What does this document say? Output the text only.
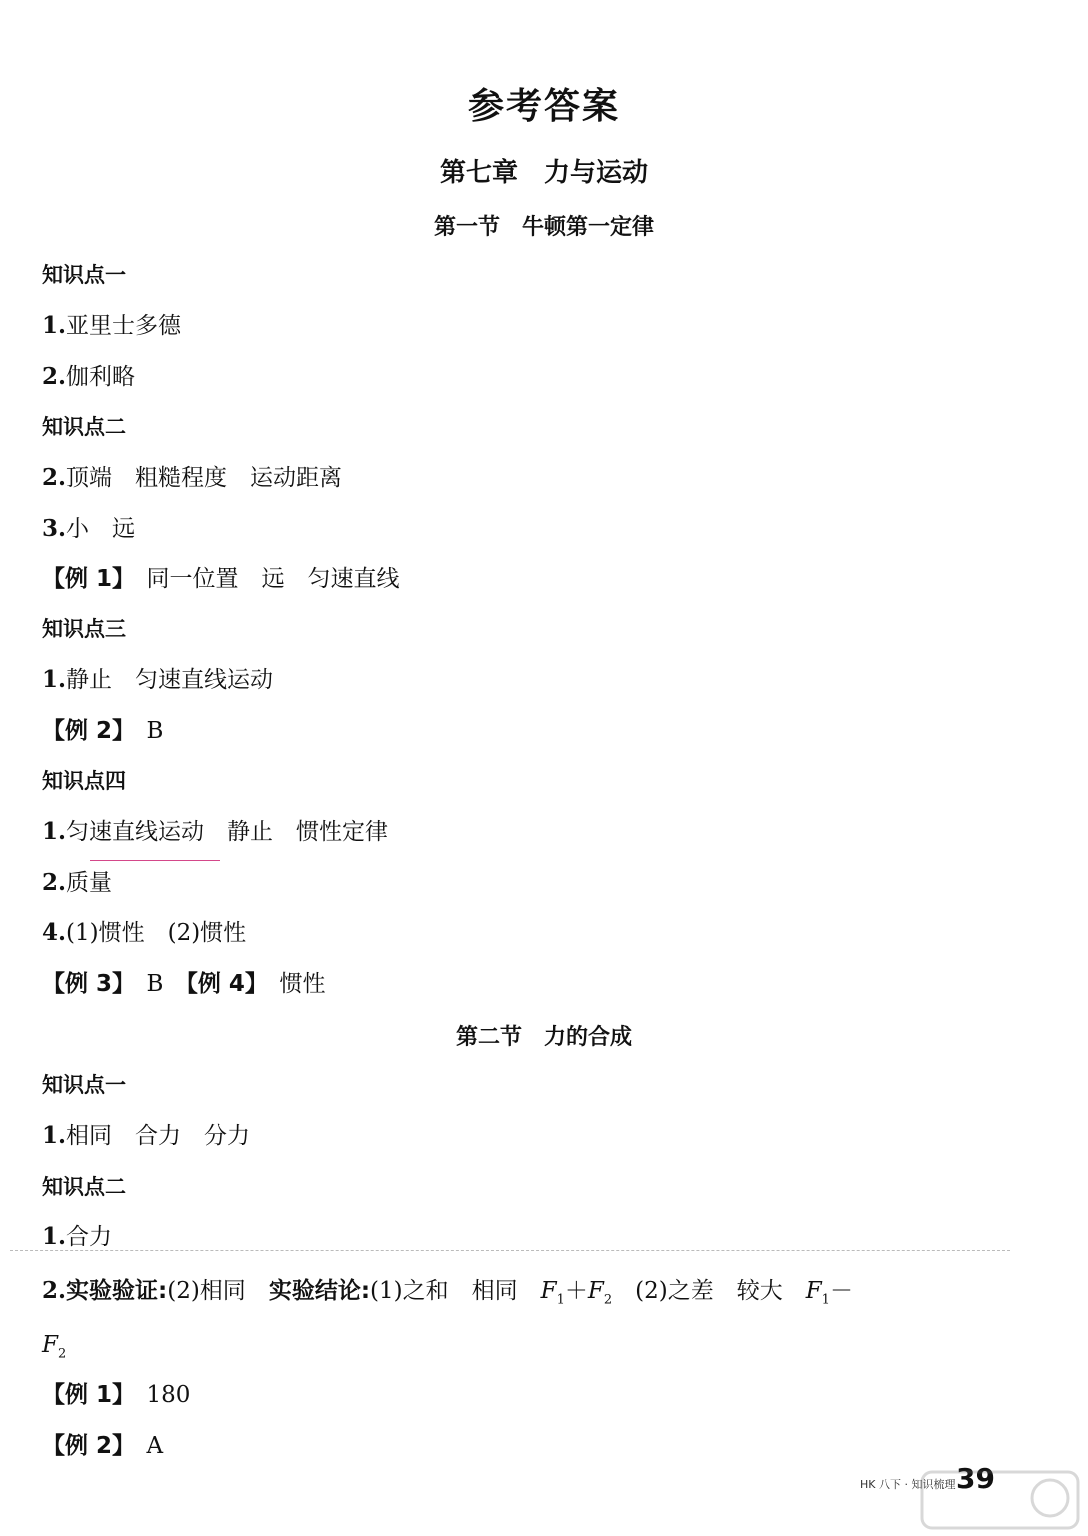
参考答案
第七章　力与运动
第一节　牛顿第一定律
知识点一
1.亚里士多德
2.伽利略
知识点二
2.顶端　粗糙程度　运动距离
3.小　远
【例 1】　 同一位置　远　匀速直线
知识点三
1.静止　匀速直线运动
【例 2】　 B
知识点四
1.匀速直线运动　静止　惯性定律
2.质量
4.(1)惯性　(2)惯性
【例 3】　 B　 【例 4】　 惯性
第二节　力的合成
知识点一
1.相同　合力　分力
知识点二
1.合力
2.实验验证:(2)相同　实验结论:(1)之和　相同　$F_1+F_2$　(2)之差　较大　$F_1-$
$F_2$
【例 1】　 180
【例 2】　 A
HK 八下 · 知识梳理 39
